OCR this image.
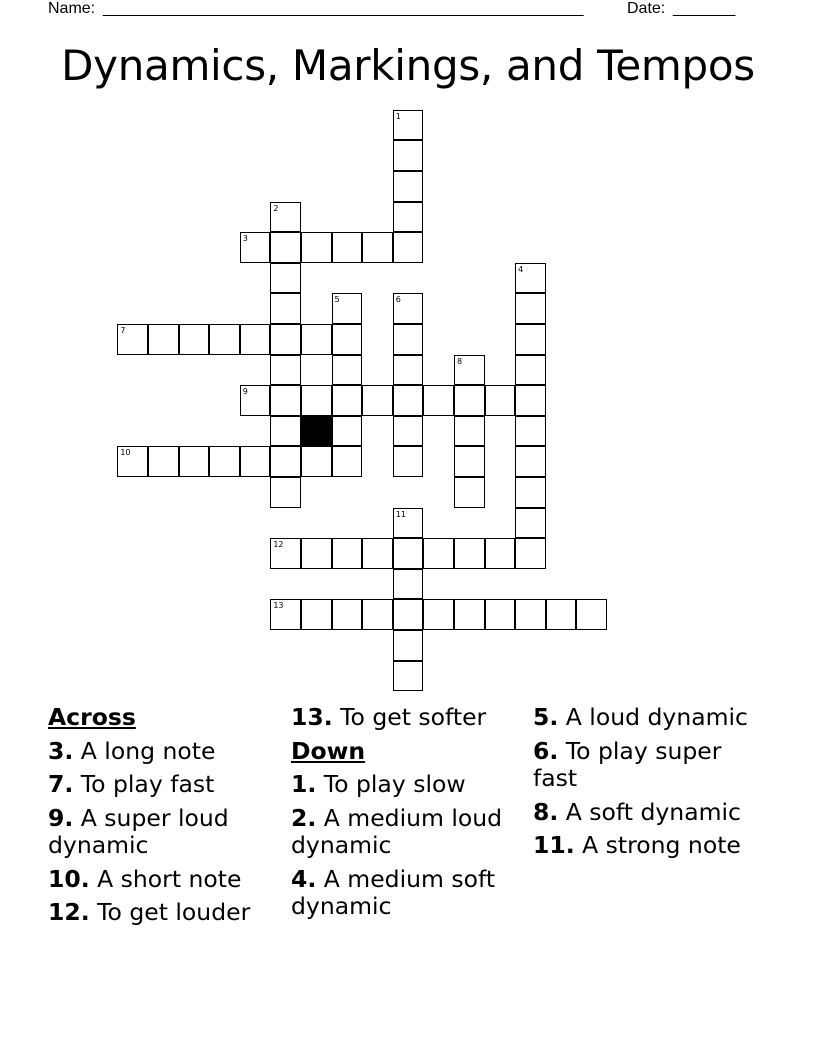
Name:

______________________________________________________

	Date:

_______

Dynamics, Markings, and Tempos
1
2
3
4
5	6
7
8
9
10
11
12
13
Across
3. A long note
7. To play fast
9. A super loud dynamic
10. A short note
12. To get louder
13. To get softer
Down
1. To play slow
2. A medium loud dynamic
4. A medium soft dynamic
5. A loud dynamic
6. To play super fast
8. A soft dynamic
11. A strong note
